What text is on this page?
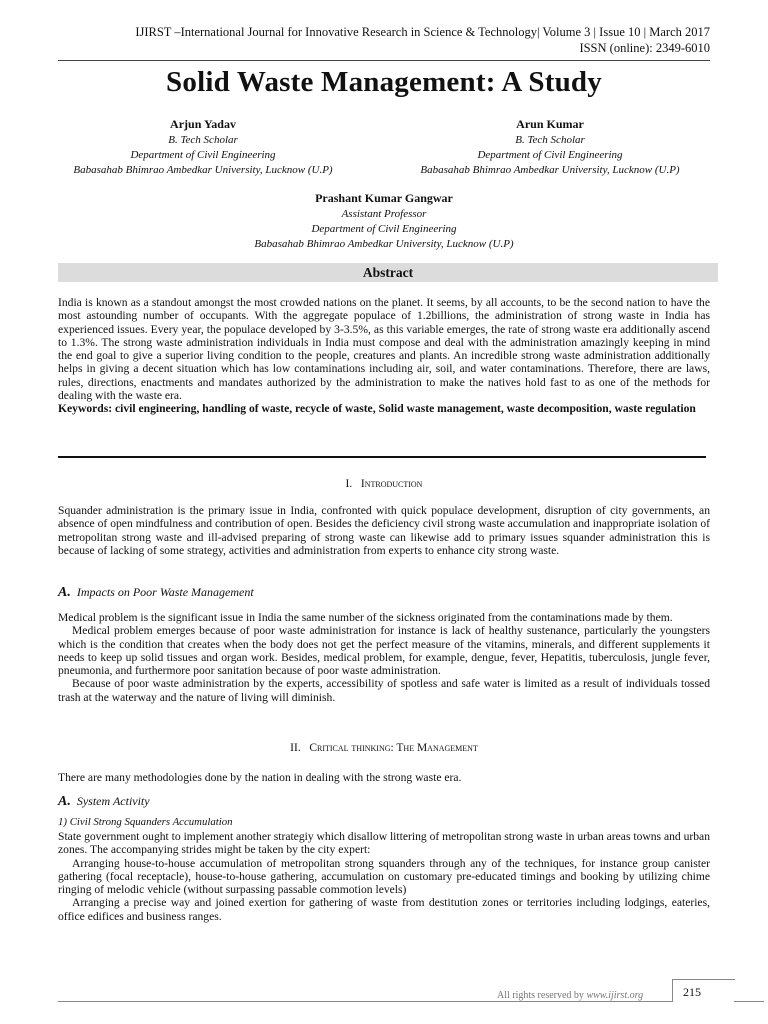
IJIRST –International Journal for Innovative Research in Science & Technology| Volume 3 | Issue 10 | March 2017
ISSN (online): 2349-6010
Solid Waste Management: A Study
Arjun Yadav
B. Tech Scholar
Department of Civil Engineering
Babasahab Bhimrao Ambedkar University, Lucknow (U.P)
Arun Kumar
B. Tech Scholar
Department of Civil Engineering
Babasahab Bhimrao Ambedkar University, Lucknow (U.P)
Prashant Kumar Gangwar
Assistant Professor
Department of Civil Engineering
Babasahab Bhimrao Ambedkar University, Lucknow (U.P)
Abstract

India is known as a standout amongst the most crowded nations on the planet. It seems, by all accounts, to be the second nation to have the most astounding number of occupants. With the aggregate populace of 1.2billions, the administration of strong waste in India has experienced issues. Every year, the populace developed by 3-3.5%, as this variable emerges, the rate of strong waste era additionally ascend to 1.3%. The strong waste administration individuals in India must compose and deal with the administration amazingly keeping in mind the end goal to give a superior living condition to the people, creatures and plants. An incredible strong waste administration additionally helps in giving a decent situation which has low contaminations including air, soil, and water contaminations. Therefore, there are laws, rules, directions, enactments and mandates authorized by the administration to make the natives hold fast to as one of the methods for dealing with the waste era.

Keywords: civil engineering, handling of waste, recycle of waste, Solid waste management, waste decomposition, waste regulation

I. Introduction

Squander administration is the primary issue in India, confronted with quick populace development, disruption of city governments, an absence of open mindfulness and contribution of open. Besides the deficiency civil strong waste accumulation and inappropriate isolation of metropolitan strong waste and ill-advised preparing of strong waste can likewise add to primary issues squander administration this is because of lacking of some strategy, activities and administration from experts to enhance city strong waste.

A. Impacts on Poor Waste Management

Medical problem is the significant issue in India the same number of the sickness originated from the contaminations made by them.

Medical problem emerges because of poor waste administration for instance is lack of healthy sustenance, particularly the youngsters which is the condition that creates when the body does not get the perfect measure of the vitamins, minerals, and different supplements it needs to keep up solid tissues and organ work. Besides, medical problem, for example, dengue, fever, Hepatitis, tuberculosis, jungle fever, pneumonia, and furthermore poor sanitation because of poor waste administration.

Because of poor waste administration by the experts, accessibility of spotless and safe water is limited as a result of individuals tossed trash at the waterway and the nature of living will diminish.

II. Critical thinking: The Management

There are many methodologies done by the nation in dealing with the strong waste era.

A. System Activity
1) Civil Strong Squanders Accumulation

State government ought to implement another strategiy which disallow littering of metropolitan strong waste in urban areas towns and urban zones. The accompanying strides might be taken by the city expert:

Arranging house-to-house accumulation of metropolitan strong squanders through any of the techniques, for instance group canister gathering (focal receptacle), house-to-house gathering, accumulation on customary pre-educated timings and booking by utilizing chime ringing of melodic vehicle (without surpassing passable commotion levels)

Arranging a precise way and joined exertion for gathering of waste from destitution zones or territories including lodgings, eateries, office edifices and business ranges.

All rights reserved by www.ijirst.org	215
